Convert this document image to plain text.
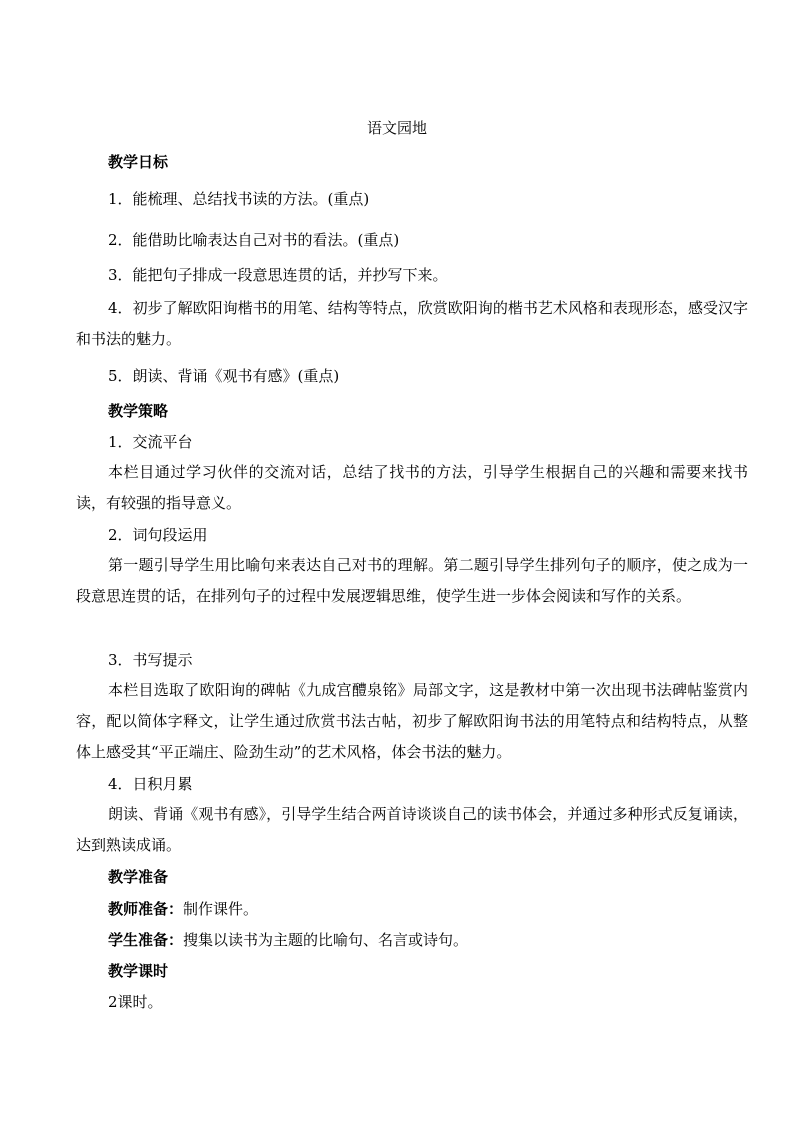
语文园地
教学日标
1．能梳理、总结找书读的方法。(重点)
2．能借助比喻表达自己对书的看法。(重点)
3．能把句子排成一段意思连贯的话，并抄写下来。
4．初步了解欧阳询楷书的用笔、结构等特点，欣赏欧阳询的楷书艺术风格和表现形态，感受汉字和书法的魅力。
5．朗读、背诵《观书有感》(重点)
教学策略
1．交流平台
本栏目通过学习伙伴的交流对话，总结了找书的方法，引导学生根据自己的兴趣和需要来找书读，有较强的指导意义。
2．词句段运用
第一题引导学生用比喻句来表达自己对书的理解。第二题引导学生排列句子的顺序，使之成为一段意思连贯的话，在排列句子的过程中发展逻辑思维，使学生进一步体会阅读和写作的关系。
3．书写提示
本栏目选取了欧阳询的碑帖《九成宫醴泉铭》局部文字，这是教材中第一次出现书法碑帖鉴赏内容，配以简体字释文，让学生通过欣赏书法古帖，初步了解欧阳询书法的用笔特点和结构特点，从整体上感受其“平正端庄、险劲生动”的艺术风格，体会书法的魅力。
4．日积月累
朗读、背诵《观书有感》，引导学生结合两首诗谈谈自己的读书体会，并通过多种形式反复诵读，达到熟读成诵。
教学准备
教师准备：制作课件。
学生准备：搜集以读书为主题的比喻句、名言或诗句。
教学课时
2课时。
